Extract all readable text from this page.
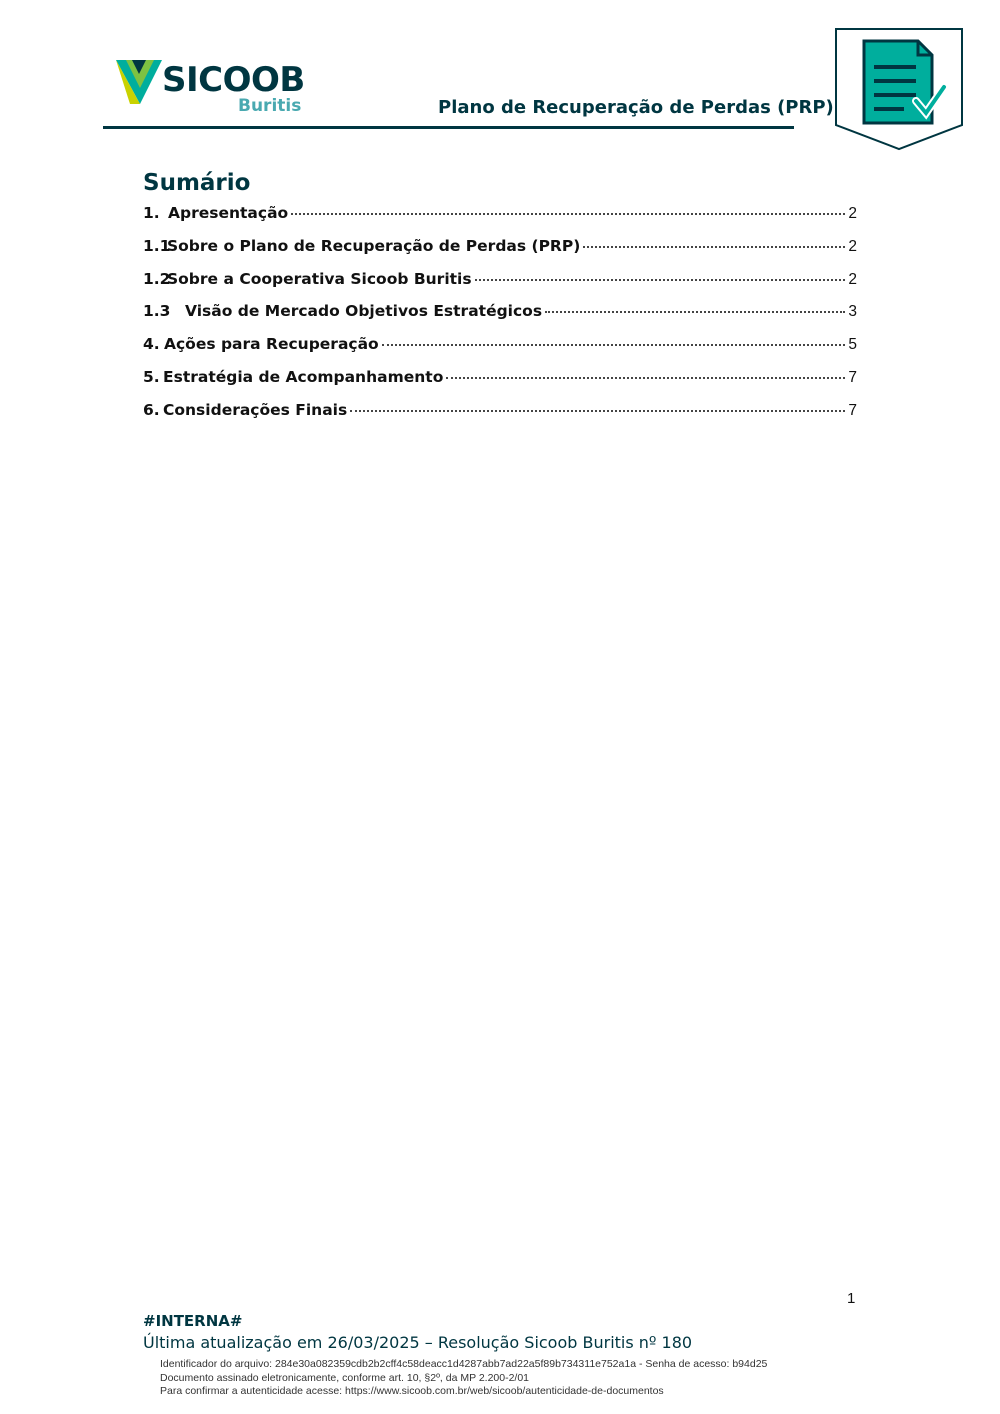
SICOOB
Buritis	Plano de Recuperação de Perdas (PRP)
Sumário
1. Apresentação	2
1.1Sobre o Plano de Recuperação de Perdas (PRP)	2
1.2Sobre a Cooperativa Sicoob Buritis	2
1.3 Visão de Mercado Objetivos Estratégicos	3
4. Ações para Recuperação	5
5. Estratégia de Acompanhamento	7
6. Considerações Finais	7
1
#INTERNA#
Última atualização em 26/03/2025 – Resolução Sicoob Buritis nº 180
Identificador do arquivo: 284e30a082359cdb2b2cff4c58deacc1d4287abb7ad22a5f89b734311e752a1a - Senha de acesso: b94d25
Documento assinado eletronicamente, conforme art. 10, §2º, da MP 2.200-2/01
Para confirmar a autenticidade acesse: https://www.sicoob.com.br/web/sicoob/autenticidade-de-documentos
